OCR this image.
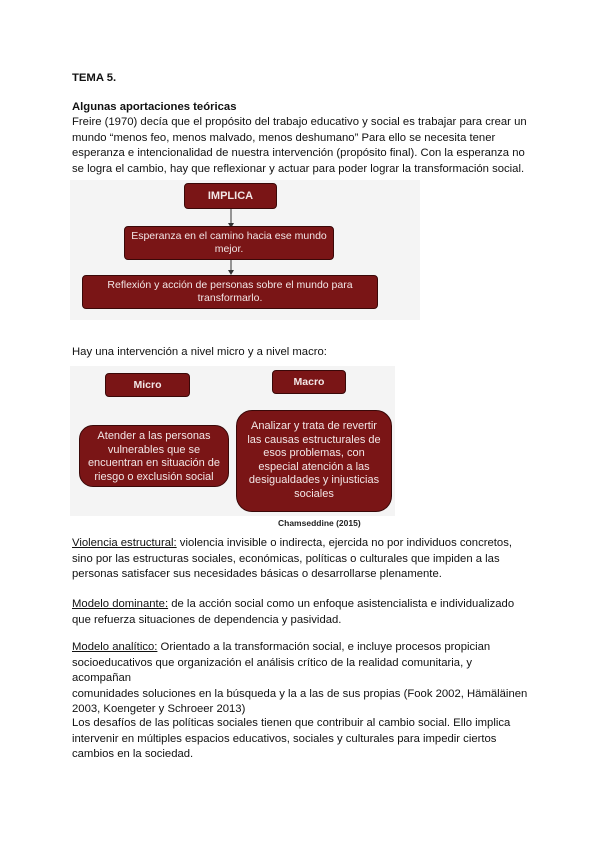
TEMA 5.
Algunas aportaciones teóricas
Freire (1970) decía que el propósito del trabajo educativo y social es trabajar para crear un
mundo “menos feo, menos malvado, menos deshumano” Para ello se necesita tener
esperanza e intencionalidad de nuestra intervención (propósito final). Con la esperanza no
se logra el cambio, hay que reflexionar y actuar para poder lograr la transformación social.
IMPLICA
Esperanza en el camino hacia ese mundo
mejor.
Reflexión y acción de personas sobre el mundo para
transformarlo.
Hay una intervención a nivel micro y a nivel macro:
Micro	Macro
Atender a las personas
vulnerables que se
encuentran en situación de
riesgo o exclusión social
Analizar y trata de revertir
las causas estructurales de
esos problemas, con
especial atención a las
desigualdades y injusticias
sociales
Chamseddine (2015)
Violencia estructural: violencia invisible o indirecta, ejercida no por individuos concretos,
sino por las estructuras sociales, económicas, políticas o culturales que impiden a las
personas satisfacer sus necesidades básicas o desarrollarse plenamente.
Modelo dominante: de la acción social como un enfoque asistencialista e individualizado
que refuerza situaciones de dependencia y pasividad.
Modelo analítico: Orientado a la transformación social, e incluye procesos propician
socioeducativos que organización el análisis crítico de la realidad comunitaria, y acompañan
comunidades soluciones en la búsqueda y la a las de sus propias (Fook 2002, Hämäläinen
2003, Koengeter y Schroeer 2013)
Los desafíos de las políticas sociales tienen que contribuir al cambio social. Ello implica
intervenir en múltiples espacios educativos, sociales y culturales para impedir ciertos
cambios en la sociedad.
